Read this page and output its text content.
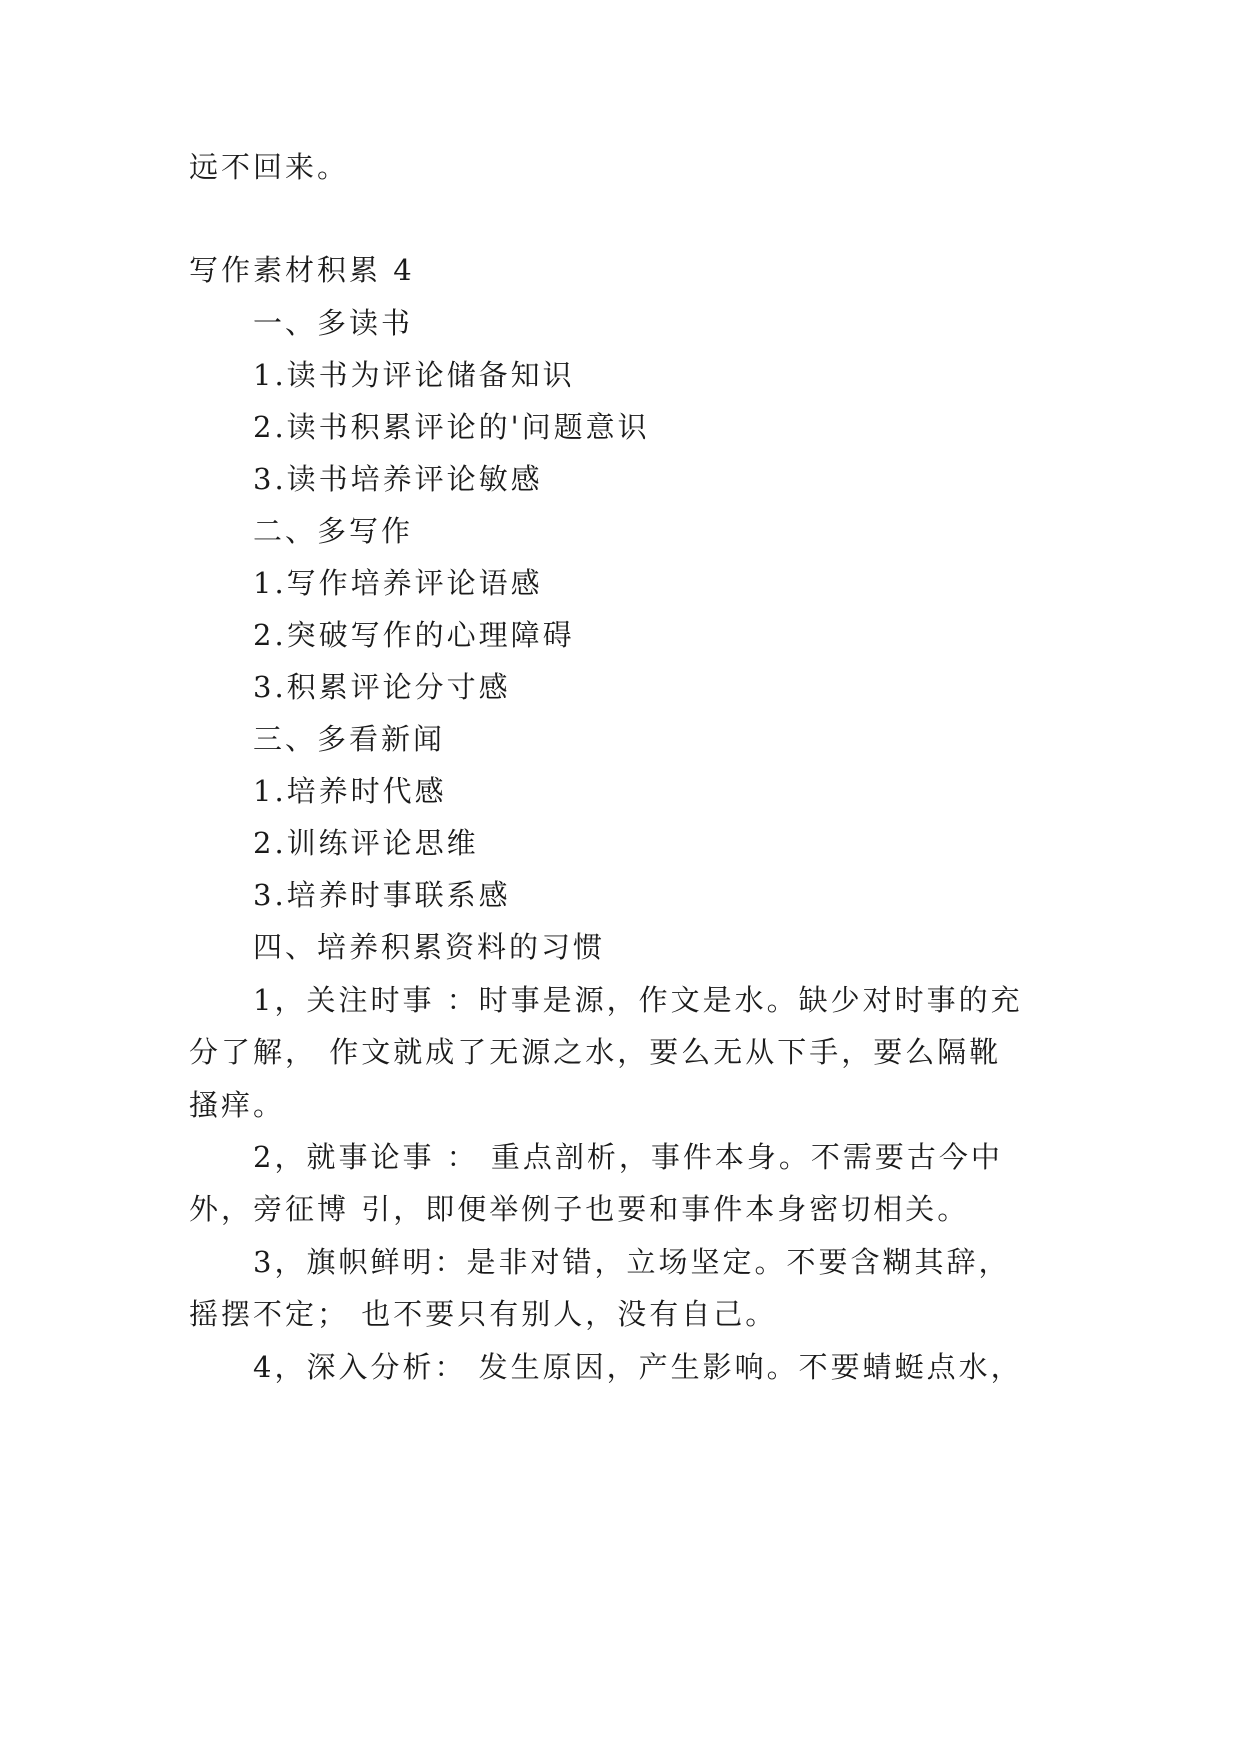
远不回来。
写作素材积累 4
一、多读书
1.读书为评论储备知识
2.读书积累评论的'问题意识
3.读书培养评论敏感
二、多写作
1.写作培养评论语感
2.突破写作的心理障碍
3.积累评论分寸感
三、多看新闻
1.培养时代感
2.训练评论思维
3.培养时事联系感
四、培养积累资料的习惯
1，关注时事 ：时事是源，作文是水。缺少对时事的充
分了解， 作文就成了无源之水，要么无从下手，要么隔靴
搔痒。
2，就事论事 ： 重点剖析，事件本身。不需要古今中
外，旁征博 引，即便举例子也要和事件本身密切相关。
3，旗帜鲜明：是非对错，立场坚定。不要含糊其辞，
摇摆不定； 也不要只有别人，没有自己。
4，深入分析： 发生原因，产生影响。不要蜻蜓点水，
